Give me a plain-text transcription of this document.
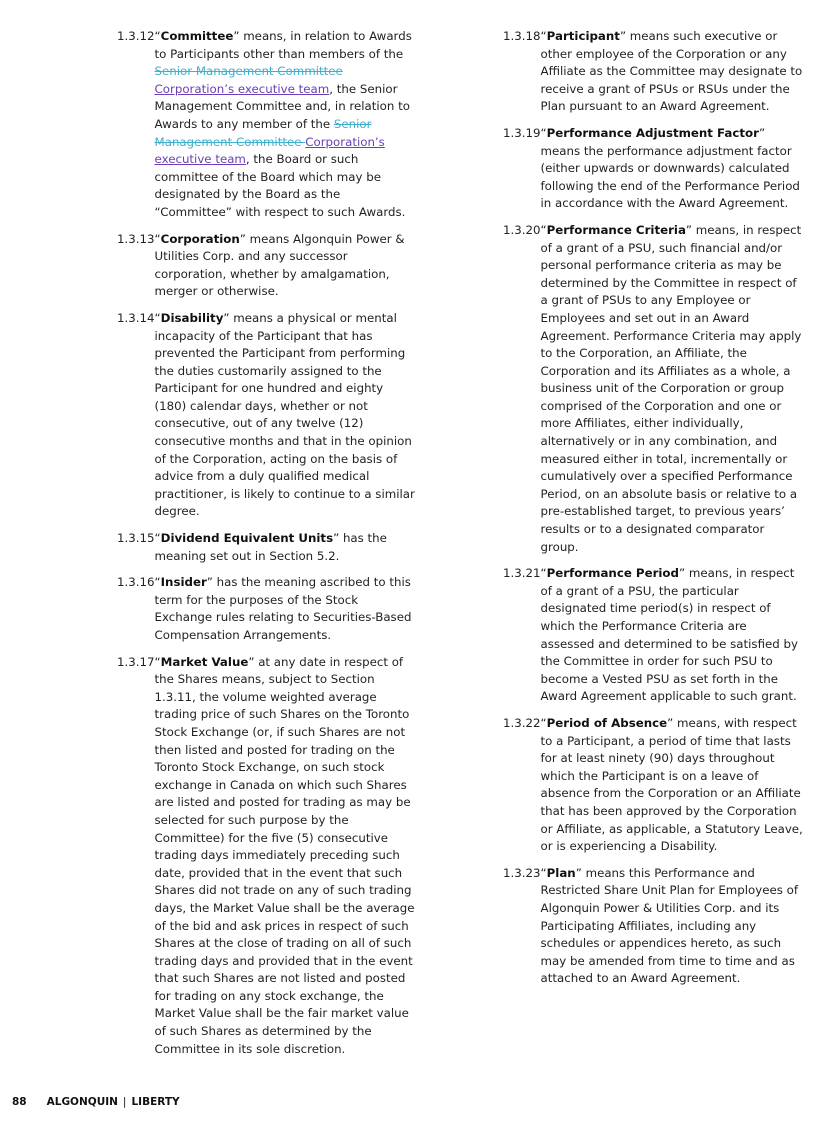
1.3.12 “Committee” means, in relation to Awards to Participants other than members of the Senior Management Committee Corporation’s executive team, the Senior Management Committee and, in relation to Awards to any member of the Senior Management Committee Corporation’s executive team, the Board or such committee of the Board which may be designated by the Board as the “Committee” with respect to such Awards.
1.3.13 “Corporation” means Algonquin Power & Utilities Corp. and any successor corporation, whether by amalgamation, merger or otherwise.
1.3.14 “Disability” means a physical or mental incapacity of the Participant that has prevented the Participant from performing the duties customarily assigned to the Participant for one hundred and eighty (180) calendar days, whether or not consecutive, out of any twelve (12) consecutive months and that in the opinion of the Corporation, acting on the basis of advice from a duly qualified medical practitioner, is likely to continue to a similar degree.
1.3.15 “Dividend Equivalent Units” has the meaning set out in Section 5.2.
1.3.16 “Insider” has the meaning ascribed to this term for the purposes of the Stock Exchange rules relating to Securities-Based Compensation Arrangements.
1.3.17 “Market Value” at any date in respect of the Shares means, subject to Section 1.3.11, the volume weighted average trading price of such Shares on the Toronto Stock Exchange (or, if such Shares are not then listed and posted for trading on the Toronto Stock Exchange, on such stock exchange in Canada on which such Shares are listed and posted for trading as may be selected for such purpose by the Committee) for the five (5) consecutive trading days immediately preceding such date, provided that in the event that such Shares did not trade on any of such trading days, the Market Value shall be the average of the bid and ask prices in respect of such Shares at the close of trading on all of such trading days and provided that in the event that such Shares are not listed and posted for trading on any stock exchange, the Market Value shall be the fair market value of such Shares as determined by the Committee in its sole discretion.
1.3.18 “Participant” means such executive or other employee of the Corporation or any Affiliate as the Committee may designate to receive a grant of PSUs or RSUs under the Plan pursuant to an Award Agreement.
1.3.19 “Performance Adjustment Factor” means the performance adjustment factor (either upwards or downwards) calculated following the end of the Performance Period in accordance with the Award Agreement.
1.3.20 “Performance Criteria” means, in respect of a grant of a PSU, such financial and/or personal performance criteria as may be determined by the Committee in respect of a grant of PSUs to any Employee or Employees and set out in an Award Agreement. Performance Criteria may apply to the Corporation, an Affiliate, the Corporation and its Affiliates as a whole, a business unit of the Corporation or group comprised of the Corporation and one or more Affiliates, either individually, alternatively or in any combination, and measured either in total, incrementally or cumulatively over a specified Performance Period, on an absolute basis or relative to a pre-established target, to previous years’ results or to a designated comparator group.
1.3.21 “Performance Period” means, in respect of a grant of a PSU, the particular designated time period(s) in respect of which the Performance Criteria are assessed and determined to be satisfied by the Committee in order for such PSU to become a Vested PSU as set forth in the Award Agreement applicable to such grant.
1.3.22 “Period of Absence” means, with respect to a Participant, a period of time that lasts for at least ninety (90) days throughout which the Participant is on a leave of absence from the Corporation or an Affiliate that has been approved by the Corporation or Affiliate, as applicable, a Statutory Leave, or is experiencing a Disability.
1.3.23 “Plan” means this Performance and Restricted Share Unit Plan for Employees of Algonquin Power & Utilities Corp. and its Participating Affiliates, including any schedules or appendices hereto, as such may be amended from time to time and as attached to an Award Agreement.
88 ALGONQUIN | LIBERTY
